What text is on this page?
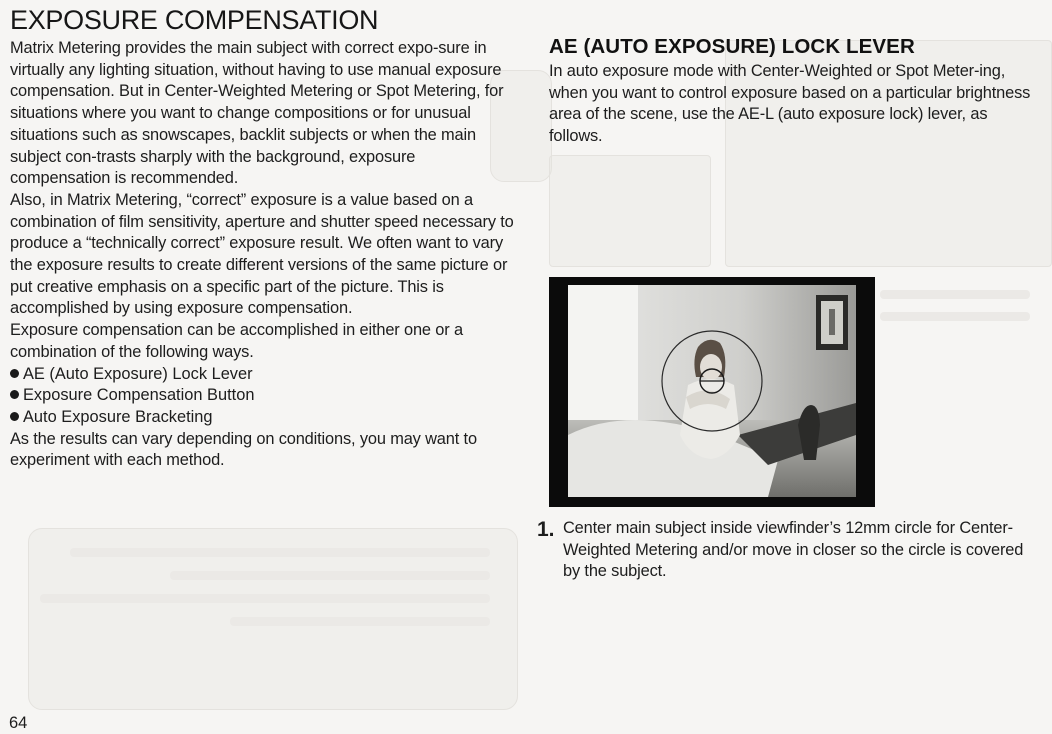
EXPOSURE COMPENSATION

Matrix Metering provides the main subject with correct expo-sure in virtually any lighting situation, without having to use manual exposure compensation. But in Center-Weighted Metering or Spot Metering, for situations where you want to change compositions or for unusual situations such as snowscapes, backlit subjects or when the main subject con-trasts sharply with the background, exposure compensation is recommended.

Also, in Matrix Metering, “correct” exposure is a value based on a combination of film sensitivity, aperture and shutter speed necessary to produce a “technically correct” exposure result. We often want to vary the exposure results to create different versions of the same picture or put creative emphasis on a specific part of the picture. This is accomplished by using exposure compensation.

Exposure compensation can be accomplished in either one or a combination of the following ways.

AE (Auto Exposure) Lock Lever
Exposure Compensation Button
Auto Exposure Bracketing

As the results can vary depending on conditions, you may want to experiment with each method.

AE (AUTO EXPOSURE) LOCK LEVER

In auto exposure mode with Center-Weighted or Spot Meter-ing, when you want to control exposure based on a particular brightness area of the scene, use the AE-L (auto exposure lock) lever, as follows.

1. Center main subject inside viewfinder’s 12mm circle for Center-Weighted Metering and/or move in closer so the circle is covered by the subject.

64
